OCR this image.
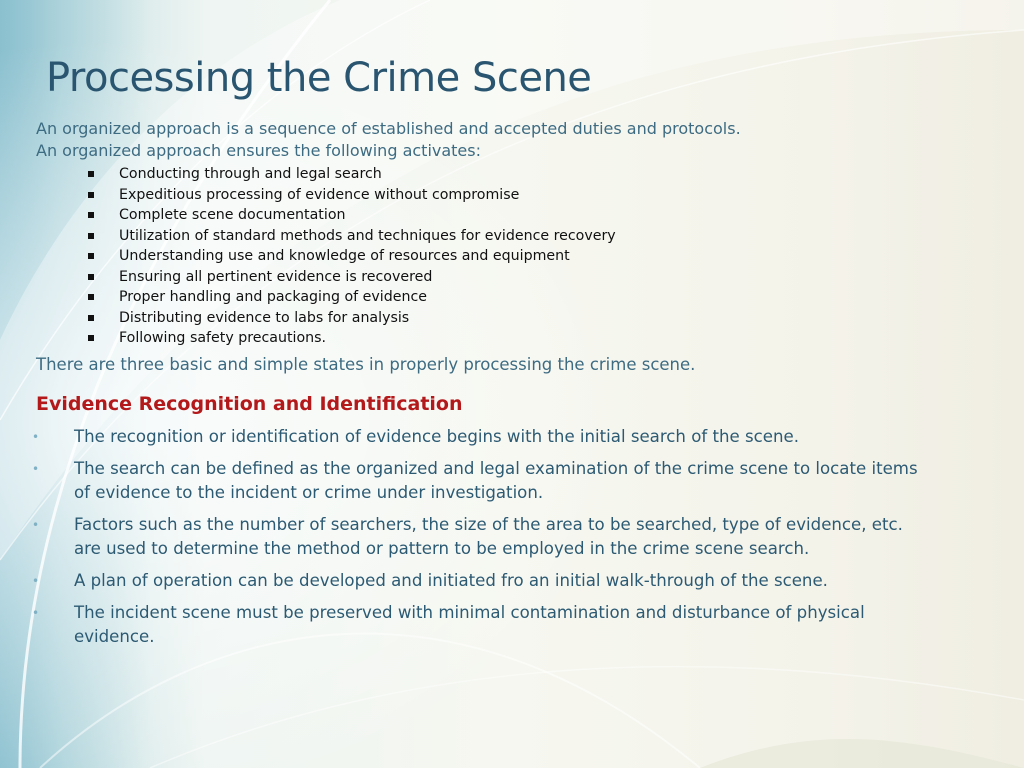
Processing the Crime Scene
An organized approach is a sequence of established and accepted duties and protocols. An organized approach ensures the following activates:
Conducting through and legal search
Expeditious processing of evidence without compromise
Complete scene documentation
Utilization of standard methods and techniques for evidence recovery
Understanding use and knowledge of resources and equipment
Ensuring all pertinent evidence is recovered
Proper handling and packaging of evidence
Distributing evidence to labs for analysis
Following safety precautions.
There are three basic and simple states in properly processing the crime scene.
Evidence Recognition and Identification
• The recognition or identification of evidence begins with the initial search of the scene.
• The search can be defined as the organized and legal examination of the crime scene to locate items of evidence to the incident or crime under investigation.
• Factors such as the number of searchers, the size of the area to be searched, type of evidence, etc. are used to determine the method or pattern to be employed in the crime scene search.
• A plan of operation can be developed and initiated fro an initial walk-through of the scene.
• The incident scene must be preserved with minimal contamination and disturbance of physical evidence.
